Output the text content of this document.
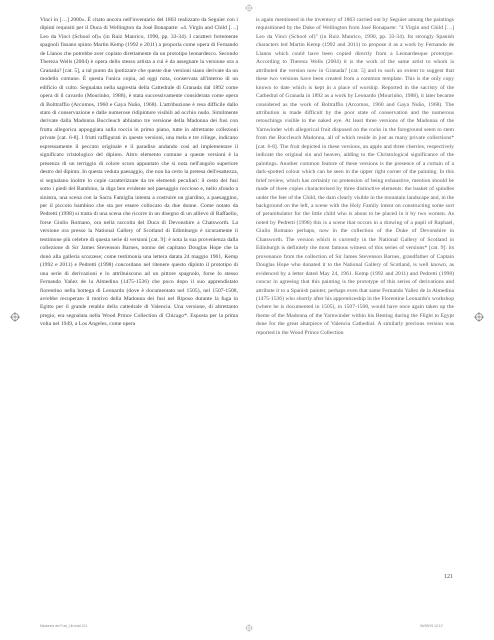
Vinci in […] 2000». È citato ancora nell'inventario del 1863 realizzato da Seguier con i dipinti requisiti per il Duca di Wellington da José Bonaparte: «4. Virgin and Child […] Leo da Vinci (School of)» (in Ruiz Manrico, 1990, pp. 33-34). I caratteri fortemente spagnoli fissano spinto Martin Kemp (1992 e 2011) a proporla come opera di Fernando de Llanos che potrebbe aver copiato direttamente da un prototipo leonardesco. Secondo Thereza Wells (2004) è opera dello stesso artista a cui è da assegnare la versione ora a Granada? [cat. 5], a tal punto da ipotizzare che queste due versioni siano derivate da un modello comune. È questa l'unica copia, ad oggi nota, conservata all'interno di un edificio di culto. Segnalata nella sagrestia della Cattedrale di Granada dal 1892 come opera di il cavardo (Mourinho, 1988), è stata successivamente considerata come opera di Bolttraffio (Arcomos, 1960 e Gaya Nuño, 1968). L'attribuzione è resa difficile dallo stato di conservazione e dalle numerose ridipinture visibili ad occhio nudo. Similmente derivate dalla Madonna Buccleuch abbiamo tre versione della Madonna dei fusi con frutta allegorica appoggiata sulla roccia in primo piano, tutte in altrettante collezioni private [cat. 6-8]. I frutti raffigurati in queste versioni, una mela e tre ciliege, indicano espressamente il peccato originale e il paradiso andando così ad implementare il significato cristologico del dipinto. Altro elemento comune a queste versioni è la presenza di un terriggio di colore scuro appuntato che si nota nell'angolo superiore destro del dipinto. In questa veduta paesaggio, che non ha certo la pretesa dell'esattezza, si segnalano inoltre lo copie caratterizzate da tre elementi peculiari: il cesto dei fusi sotto i piedi del Bambino, la diga ben evidente nel paesaggio roccioso e, nello sfondo a sinistra, una scena con la Sacra Famiglia intenta a costruire un giardino, a paesaggino, per il piccolo bambino che sta per essere collocato da due donne. Come notato da Pedretti (1998) si tratta di una scena che ricorre in un disegno di un allievo di Raffaello, forse Giulio Romano, ora nella raccolta del Duca di Devonshire a Chatsworth. La versione ora presso la National Gallery of Scotland di Edimburgo è sicuramente il testimone più celebre di questa serie di versioni [cat. 9]: è nota la sua provenienza dalla collezione di Sir James Stevenson Barnes, nonno del capitano Douglas Hope che la donò alla galleria scozzese; come testimonia una lettera datata 24 maggio 1961, Kemp (1992 e 2011) e Pedretti (1998) concordano nel ritenere questo dipinto il prototipo di una serie di derivazioni e lo attribuiscono ad un pittore spagnolo, forse lo stesso Fernando Yañez de la Almedina (1475-1536) che poco dopo il suo apprendistato fiorentino nella bottega di Leonardo (dove è documentato nel 1505), nel 1507-1508, avrebbe recuperato il motivo della Madonna dei fusi nel Riposo durante la fuga in Egitto per il grande retablo della cattedrale di Valencia. Una versione, di altrettanto pregio, era segnalata nella Wood Prince Collection di Chicago*. Esposta per la prima volta nel 1949, a Los Angeles, come opera

is again mentioned in the inventory of 1863 carried out by Seguier among the paintings requisitioned by the Duke of Wellington from José Bonaparte: "4 Virgin and Child […] Leo da Vinci (School of)" (in Ruiz Manrico, 1990, pp. 33-34). Its strongly Spanish characters led Martin Kemp (1992 and 2011) to propose it as a work by Fernando de Llanos which could have been copied directly from a Leonardesque prototype. According to Thereza Wells (2004) it is the work of the same artist to whom is attributed the version now in Granada? [cat. 5] and to such an extent to suggest that these two versions have been created from a common template. This is the only copy known to date which is kept in a place of worship. Reported in the sacristy of the Cathedral of Granada in 1892 as a work by Leonardo (Mourinho, 1988), it later became considered as the work of Boltraffio (Arcomos, 1960 and Gaya Nuño, 1968). The attribution is made difficult by the poor state of conservation and the numerous retouchings visible to the naked eye. At least three versions of the Madonna of the Yarnwinder with allegorical fruit disposed on the rocks in the foreground seem to stem from the Buccleuch Madonna, all of which reside in just as many private collections* [cat. 6-8]. The fruit depicted in these versions, an apple and three cherries, respectively indicate the original sin and heaven, adding to the Christological significance of the paintings. Another common feature of these versions is the presence of a curtain of a dark-spotted colour which can be seen in the upper right corner of the painting. In this brief review, which has certainly no pretension of being exhaustive, mention should be made of three copies characterised by three distinctive elements: the basket of spindles under the feet of the Child, the dam clearly visible in the mountain landscape and, in the background on the left, a scene with the Holy Family intent on constructing some sort of perambulator for the little child who is about to be placed in it by two women. As noted by Pedretti (1998) this is a scene that occurs in a drawing of a pupil of Raphael, Giulio Romano perhaps, now in the collection of the Duke of Devonshire in Chatsworth. The version which is currently in the National Gallery of Scotland in Edinburgh is definitely the most famous witness of this series of versions* [cat. 9]: its provenance from the collection of Sir James Stevenson Barnes, grandfather of Captain Douglas Hope who donated it to the National Gallery of Scotland, is well known, as evidenced by a letter dated May 24, 1961. Kemp (1992 and 2011) and Pedretti (1998) concur in agreeing that this painting is the prototype of this series of derivations and attribute it to a Spanish painter, perhaps even that same Fernando Yañez de la Almedina (1475-1536) who shortly after his apprenticeship in the Florentine Leonardo's workshop (where he is documented in 1505), in 1507-1508, would have once again taken up the theme of the Madonna of the Yarnwinder within his Resting during the Flight to Egypt done for the great altarpiece of Valencia Cathedral. A similarly precious version was reported in the Wood Prince Collection

121
Madonna dei Fusi_Lib.indd 121	06/09/19 12:12
